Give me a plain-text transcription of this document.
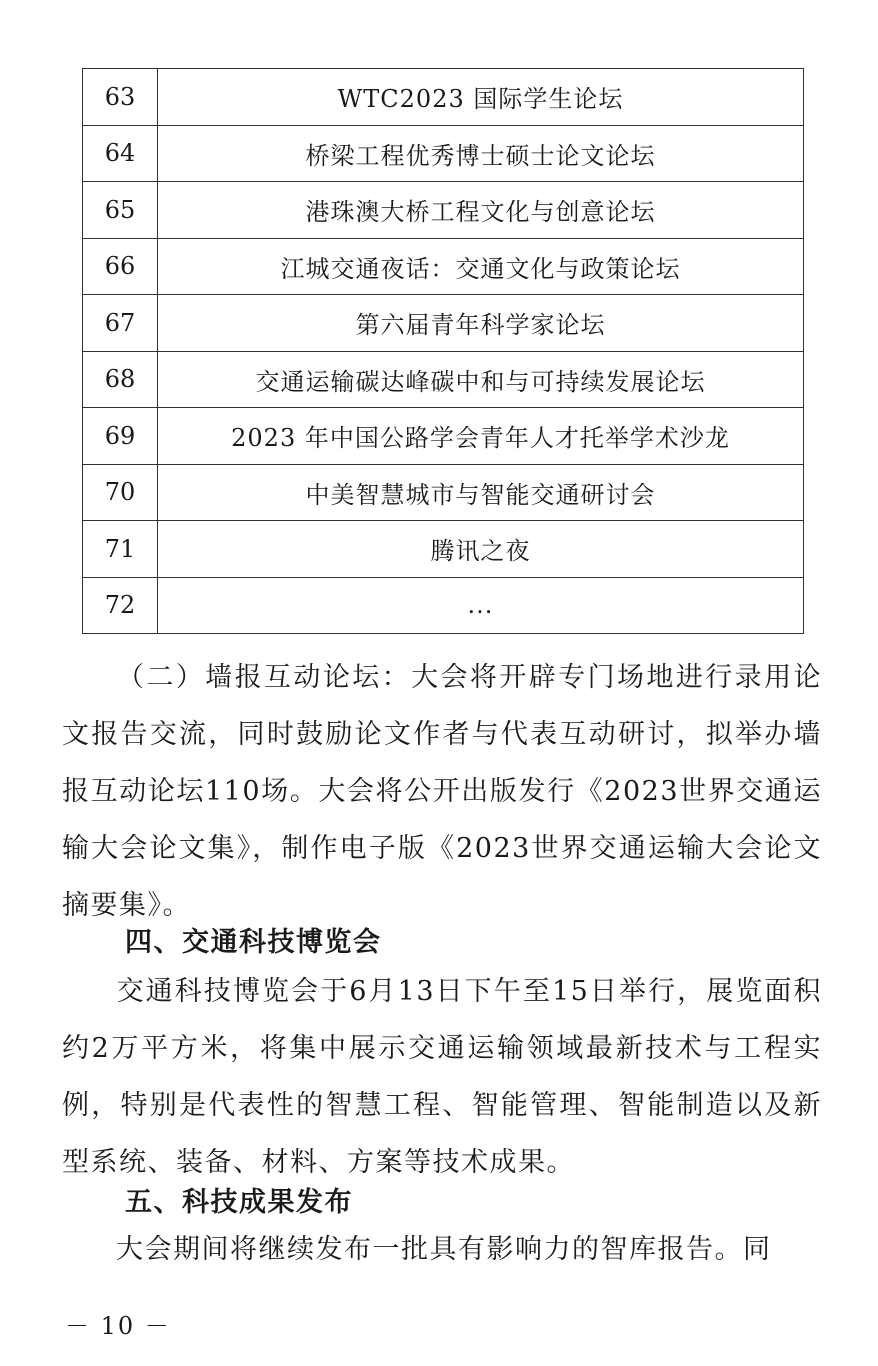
63	WTC2023 国际学生论坛
64	桥梁工程优秀博士硕士论文论坛
65	港珠澳大桥工程文化与创意论坛
66	江城交通夜话：交通文化与政策论坛
67	第六届青年科学家论坛
68	交通运输碳达峰碳中和与可持续发展论坛
69	2023 年中国公路学会青年人才托举学术沙龙
70	中美智慧城市与智能交通研讨会
71	腾讯之夜
72	...

（二）墙报互动论坛：大会将开辟专门场地进行录用论文报告交流，同时鼓励论文作者与代表互动研讨，拟举办墙报互动论坛110场。大会将公开出版发行《2023世界交通运输大会论文集》，制作电子版《2023世界交通运输大会论文摘要集》。

四、交通科技博览会

交通科技博览会于6月13日下午至15日举行，展览面积约2万平方米，将集中展示交通运输领域最新技术与工程实例，特别是代表性的智慧工程、智能管理、智能制造以及新型系统、装备、材料、方案等技术成果。

五、科技成果发布

大会期间将继续发布一批具有影响力的智库报告。同

－ 10 －
